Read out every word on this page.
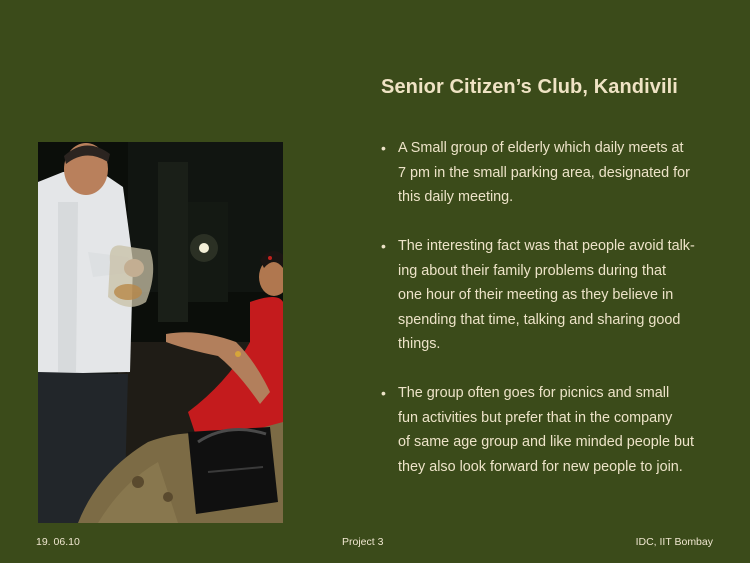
Senior Citizen’s Club, Kandivili
• A Small group of elderly which daily meets at
7 pm in the small parking area, designated for
this daily meeting.
• The interesting fact was that people avoid talk-
ing about their family problems during that
one hour of their meeting as they believe in
spending that time, talking and sharing good
things.
• The group often goes for picnics and small
fun activities but prefer that in the company
of same age group and like minded people but
they also look forward for new people to join.
19. 06.10	Project 3	IDC, IIT Bombay
